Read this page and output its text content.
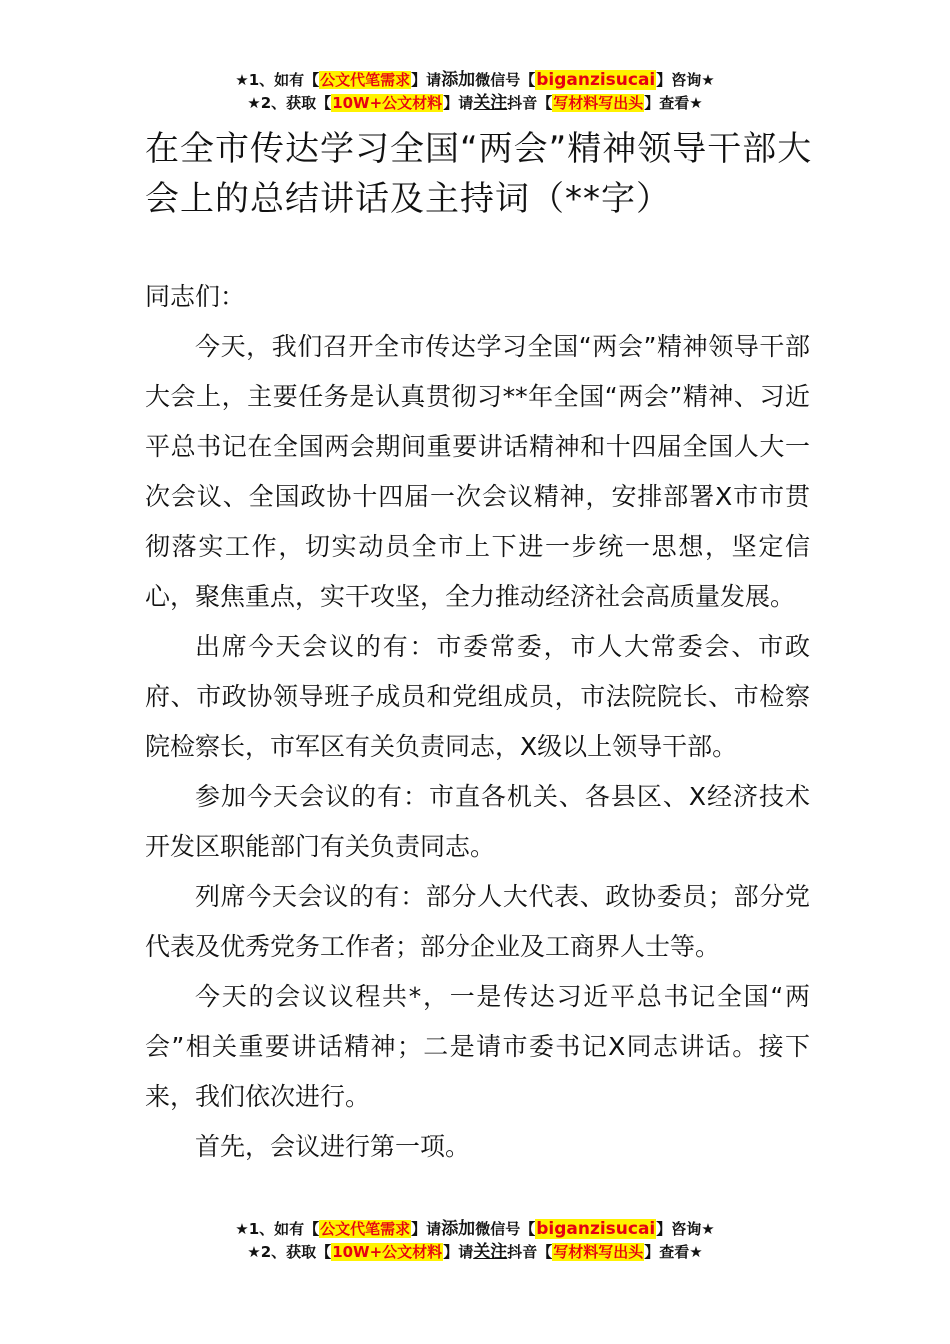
★1、如有【公文代笔需求】请添加微信号【biganzisucai】咨询★
★2、获取【10W+公文材料】请关注抖音【写材料写出头】查看★
在全市传达学习全国“两会”精神领导干部大会上的总结讲话及主持词（**字）

同志们：

今天，我们召开全市传达学习全国“两会”精神领导干部大会上，主要任务是认真贯彻习**年全国“两会”精神、习近平总书记在全国两会期间重要讲话精神和十四届全国人大一次会议、全国政协十四届一次会议精神，安排部署X市市贯彻落实工作，切实动员全市上下进一步统一思想，坚定信心，聚焦重点，实干攻坚，全力推动经济社会高质量发展。

出席今天会议的有：市委常委，市人大常委会、市政府、市政协领导班子成员和党组成员，市法院院长、市检察院检察长，市军区有关负责同志，X级以上领导干部。

参加今天会议的有：市直各机关、各县区、X经济技术开发区职能部门有关负责同志。

列席今天会议的有：部分人大代表、政协委员；部分党代表及优秀党务工作者；部分企业及工商界人士等。

今天的会议议程共*，一是传达习近平总书记全国“两会”相关重要讲话精神；二是请市委书记X同志讲话。接下来，我们依次进行。

首先，会议进行第一项。

★1、如有【公文代笔需求】请添加微信号【biganzisucai】咨询★
★2、获取【10W+公文材料】请关注抖音【写材料写出头】查看★
